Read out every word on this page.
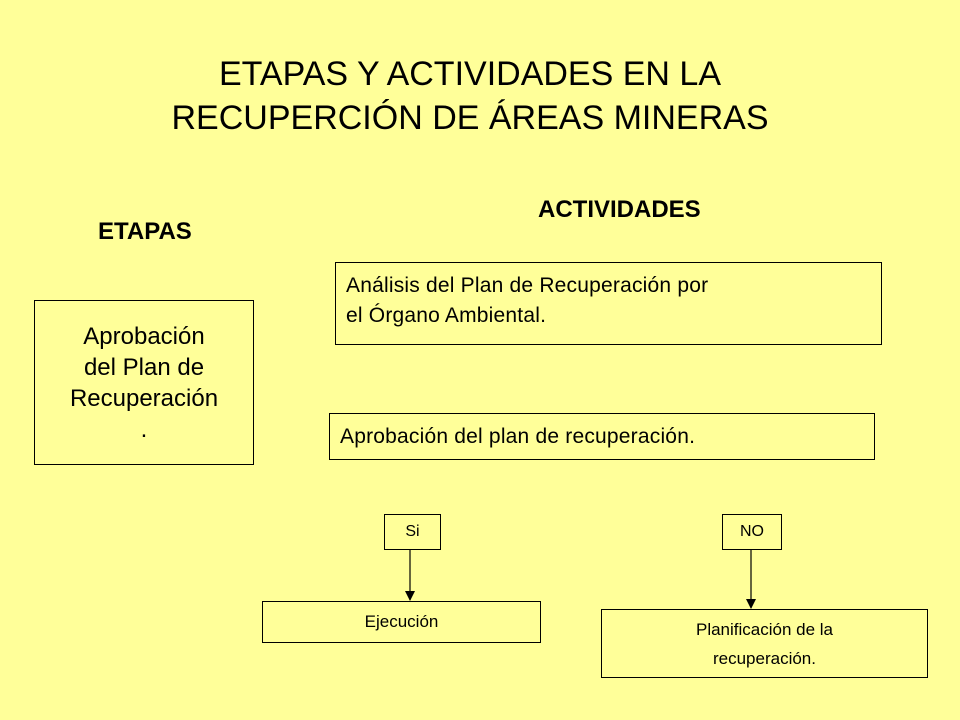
ETAPAS Y ACTIVIDADES EN LA
RECUPERCIÓN DE ÁREAS MINERAS
ETAPAS
ACTIVIDADES
Aprobación
del Plan de
Recuperación
.
Análisis del Plan de Recuperación por
el Órgano Ambiental.
Aprobación del plan de recuperación.
Si	NO
Ejecución	Planificación de la
recuperación.
